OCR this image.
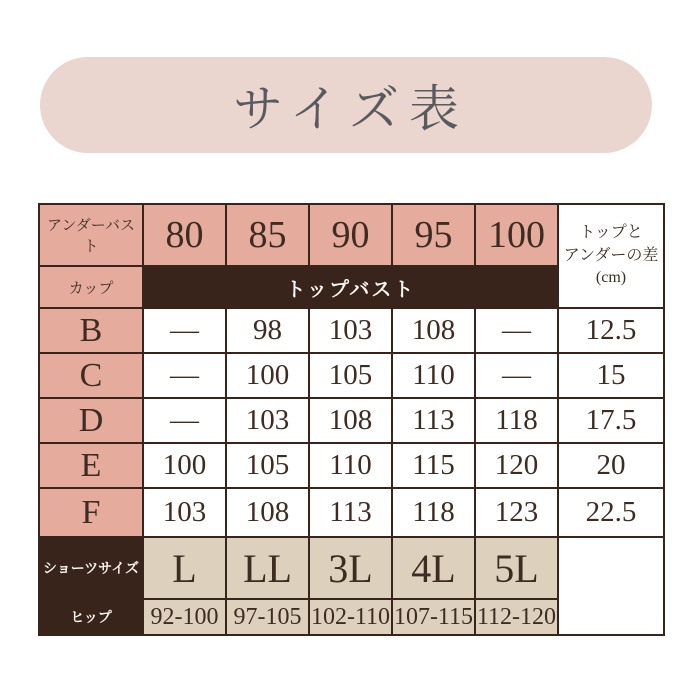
サイズ表
アンダーバスト	80	85	90	95	100	トップと
アンダーの差
(cm)

カップ	トップバスト					
B	—	98	103	108	—	12.5
C	—	100	105	110	—	15
D	—	103	108	113	118	17.5
E	100	105	110	115	120	20
F	103	108	113	118	123	22.5
ショーツサイズ	L	LL	3L	4L	5L	
ヒップ	92-100	97-105	102-110	107-115	112-120	
